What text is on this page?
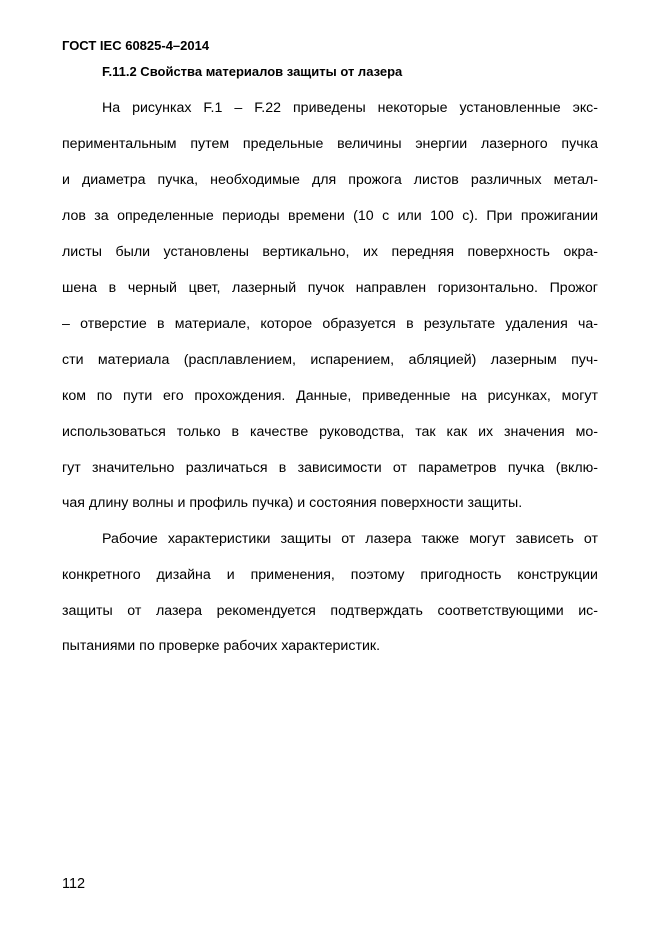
ГОСТ IEC 60825-4–2014
F.11.2 Свойства материалов защиты от лазера
На рисунках F.1 – F.22 приведены некоторые установленные экс-
периментальным путем предельные величины энергии лазерного пучка
и диаметра пучка, необходимые для прожога листов различных метал-
лов за определенные периоды времени (10 с или 100 с). При прожигании
листы были установлены вертикально, их передняя поверхность окра-
шена в черный цвет, лазерный пучок направлен горизонтально. Прожог
– отверстие в материале, которое образуется в результате удаления ча-
сти материала (расплавлением, испарением, абляцией) лазерным пуч-
ком по пути его прохождения. Данные, приведенные на рисунках, могут
использоваться только в качестве руководства, так как их значения мо-
гут значительно различаться в зависимости от параметров пучка (вклю-
чая длину волны и профиль пучка) и состояния поверхности защиты.
Рабочие характеристики защиты от лазера также могут зависеть от
конкретного дизайна и применения, поэтому пригодность конструкции
защиты от лазера рекомендуется подтверждать соответствующими ис-
пытаниями по проверке рабочих характеристик.
112
